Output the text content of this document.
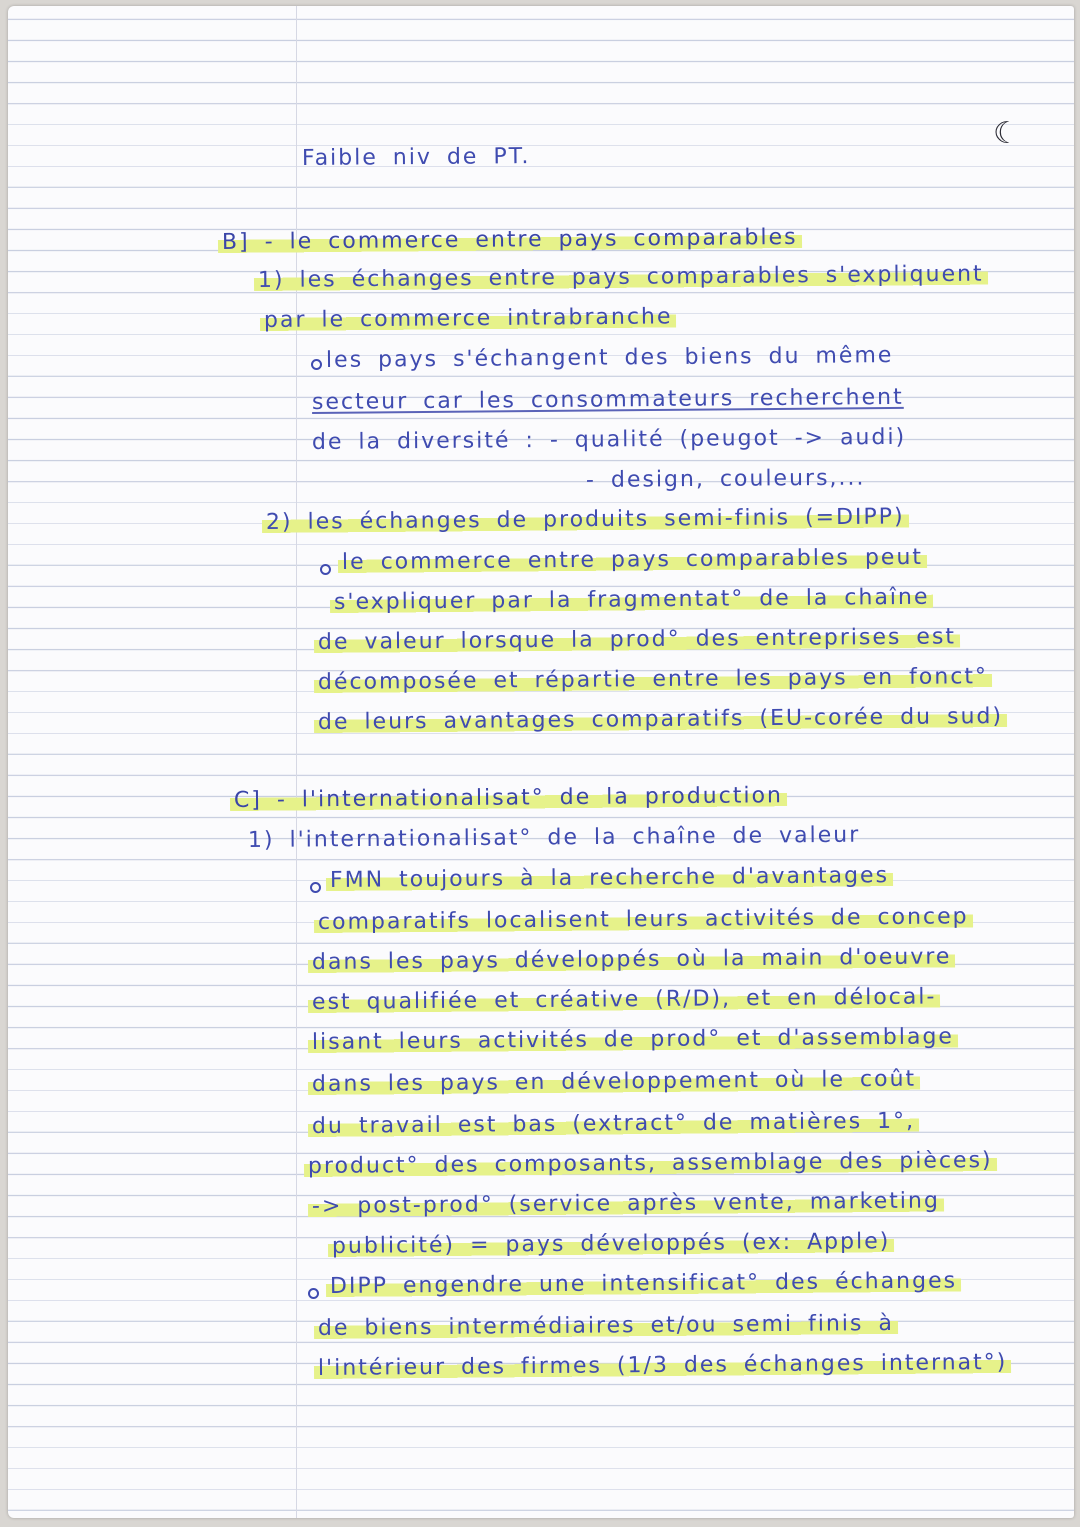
☾
Faible niv de PT.
B] - le commerce entre pays comparables
1) les échanges entre pays comparables s'expliquent
par le commerce intrabranche
les pays s'échangent des biens du même
secteur car les consommateurs recherchent
de la diversité : - qualité (peugot -> audi)
- design, couleurs,...
2) les échanges de produits semi-finis (=DIPP)
le commerce entre pays comparables peut
s'expliquer par la fragmentat° de la chaîne
de valeur lorsque la prod° des entreprises est
décomposée et répartie entre les pays en fonct°
de leurs avantages comparatifs (EU-corée du sud)
C] - l'internationalisat° de la production
1) l'internationalisat° de la chaîne de valeur
FMN toujours à la recherche d'avantages
comparatifs localisent leurs activités de concep
dans les pays développés où la main d'oeuvre
est qualifiée et créative (R/D), et en délocal-
lisant leurs activités de prod° et d'assemblage
dans les pays en développement où le coût
du travail est bas (extract° de matières 1°,
product° des composants, assemblage des pièces)
-> post-prod° (service après vente, marketing
publicité) = pays développés (ex: Apple)
DIPP engendre une intensificat° des échanges
de biens intermédiaires et/ou semi finis à
l'intérieur des firmes (1/3 des échanges internat°)
